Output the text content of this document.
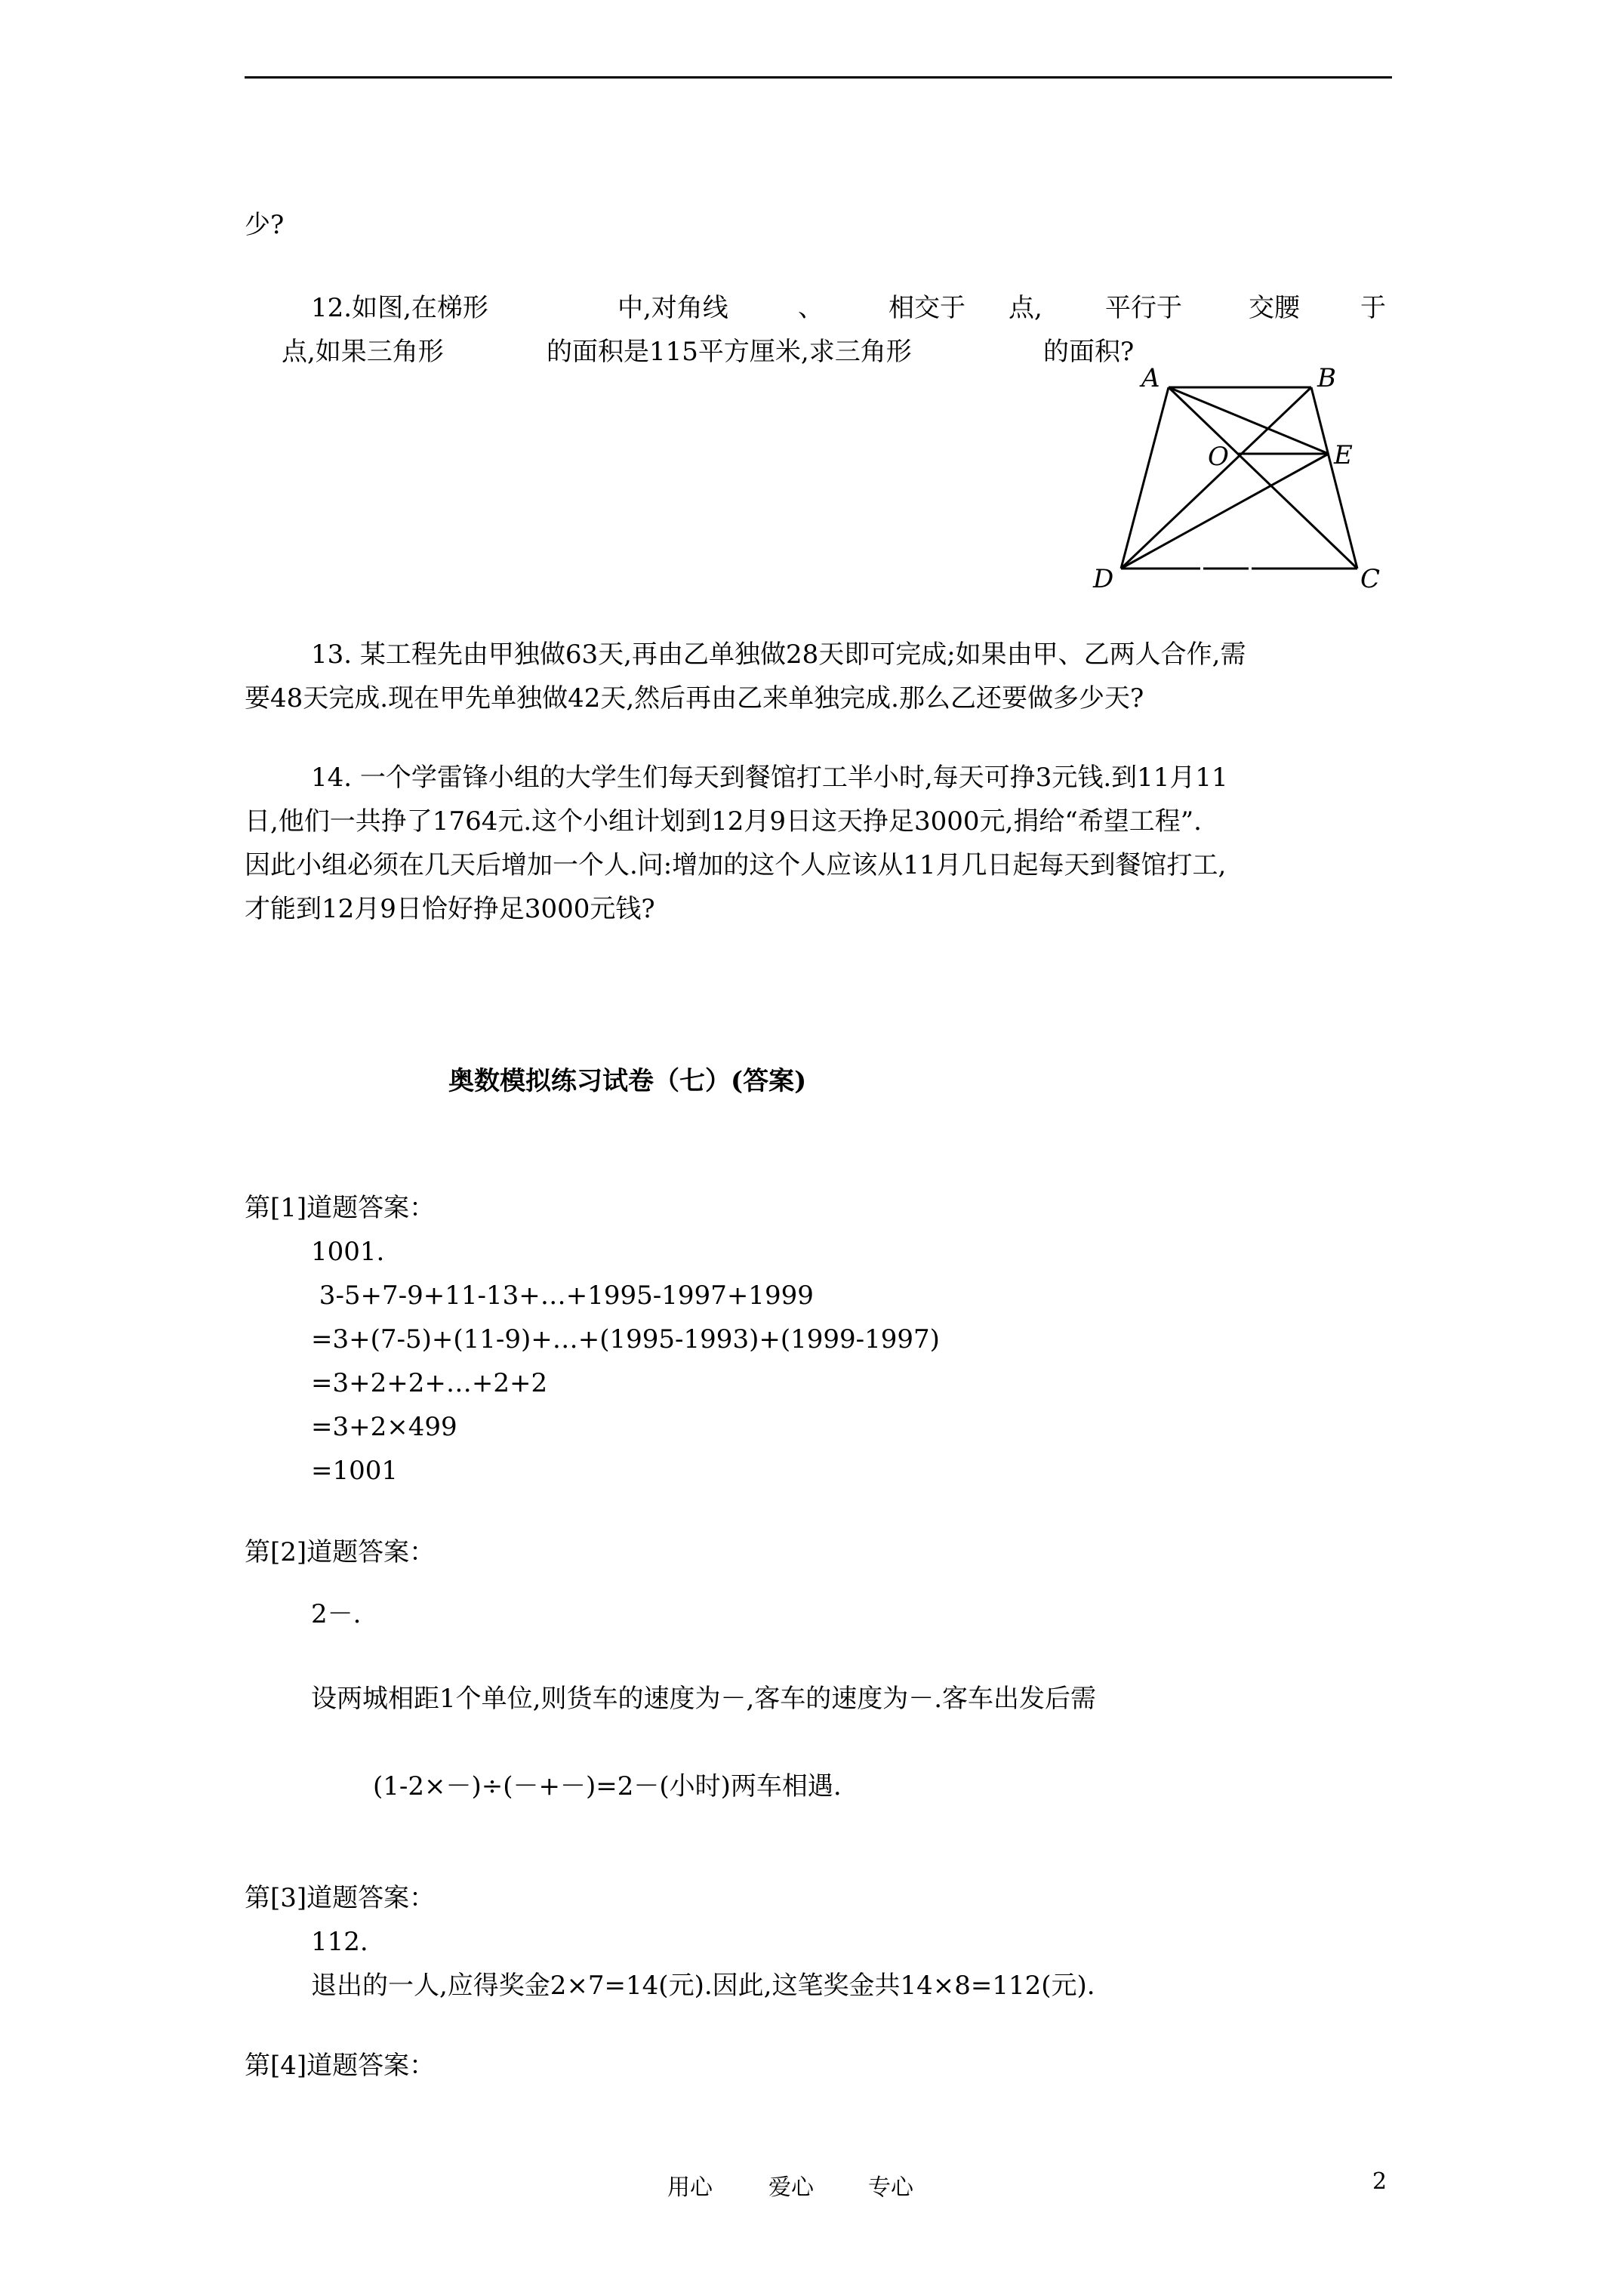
少?
12.如图,在梯形	中,对角线	、	相交于 点, 平行于	交腰 于
点,如果三角形	的面积是115平方厘米,求三角形	的面积?
A	B
O	E
D	C
13. 某工程先由甲独做63天,再由乙单独做28天即可完成;如果由甲、乙两人合作,需
要48天完成.现在甲先单独做42天,然后再由乙来单独完成.那么乙还要做多少天?
14. 一个学雷锋小组的大学生们每天到餐馆打工半小时,每天可挣3元钱.到11月11
日,他们一共挣了1764元.这个小组计划到12月9日这天挣足3000元,捐给“希望工程”.
因此小组必须在几天后增加一个人.问:增加的这个人应该从11月几日起每天到餐馆打工,
才能到12月9日恰好挣足3000元钱?
奥数模拟练习试卷（七）(答案)
第[1]道题答案：
1001.
3-5+7-9+11-13+…+1995-1997+1999
=3+(7-5)+(11-9)+…+(1995-1993)+(1999-1997)
=3+2+2+…+2+2
=3+2×499
=1001
第[2]道题答案：
2－.
设两城相距1个单位,则货车的速度为－,客车的速度为－.客车出发后需
(1-2×－)÷(－+－)=2－(小时)两车相遇.
第[3]道题答案：
112.
退出的一人,应得奖金2×7=14(元).因此,这笔奖金共14×8=112(元).
第[4]道题答案：
用心 爱心 专心	2
